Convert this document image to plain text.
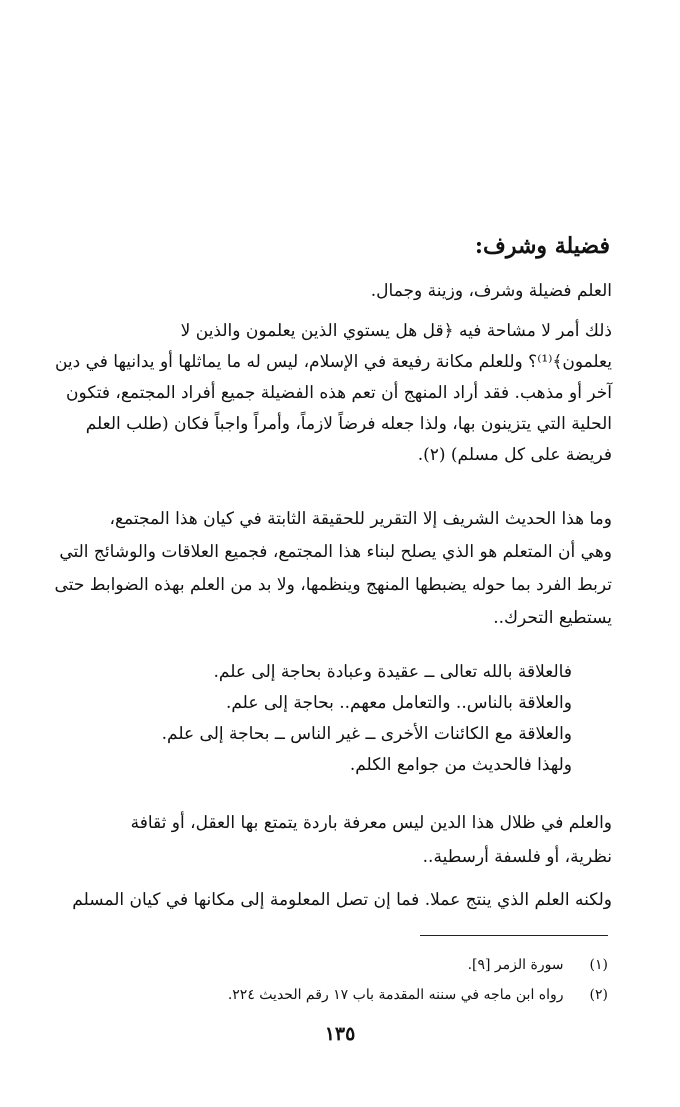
فضيلة وشرف:
العلم فضيلة وشرف، وزينة وجمال.
ذلك أمر لا مشاحة فيه ﴿قل هل يستوي الذين يعلمون والذين لا
يعلمون﴾⁽¹⁾؟ وللعلم مكانة رفيعة في الإسلام، ليس له ما يماثلها أو يدانيها في دين
آخر أو مذهب. فقد أراد المنهج أن تعم هذه الفضيلة جميع أفراد المجتمع، فتكون
الحلية التي يتزينون بها، ولذا جعله فرضاً لازماً، وأمراً واجباً فكان (طلب العلم
فريضة على كل مسلم) (٢).
وما هذا الحديث الشريف إلا التقرير للحقيقة الثابتة في كيان هذا المجتمع،
وهي أن المتعلم هو الذي يصلح لبناء هذا المجتمع، فجميع العلاقات والوشائج التي
تربط الفرد بما حوله يضبطها المنهج وينظمها، ولا بد من العلم بهذه الضوابط حتى
يستطيع التحرك..
فالعلاقة بالله تعالى ــ عقيدة وعبادة بحاجة إلى علم.
والعلاقة بالناس.. والتعامل معهم.. بحاجة إلى علم.
والعلاقة مع الكائنات الأخرى ــ غير الناس ــ بحاجة إلى علم.
ولهذا فالحديث من جوامع الكلم.
والعلم في ظلال هذا الدين ليس معرفة باردة يتمتع بها العقل، أو ثقافة
نظرية، أو فلسفة أرسطية..
ولكنه العلم الذي ينتج عملا. فما إن تصل المعلومة إلى مكانها في كيان المسلم
(١) سورة الزمر [٩].
(٢) رواه ابن ماجه في سننه المقدمة باب ١٧ رقم الحديث ٢٢٤.
١٣٥
